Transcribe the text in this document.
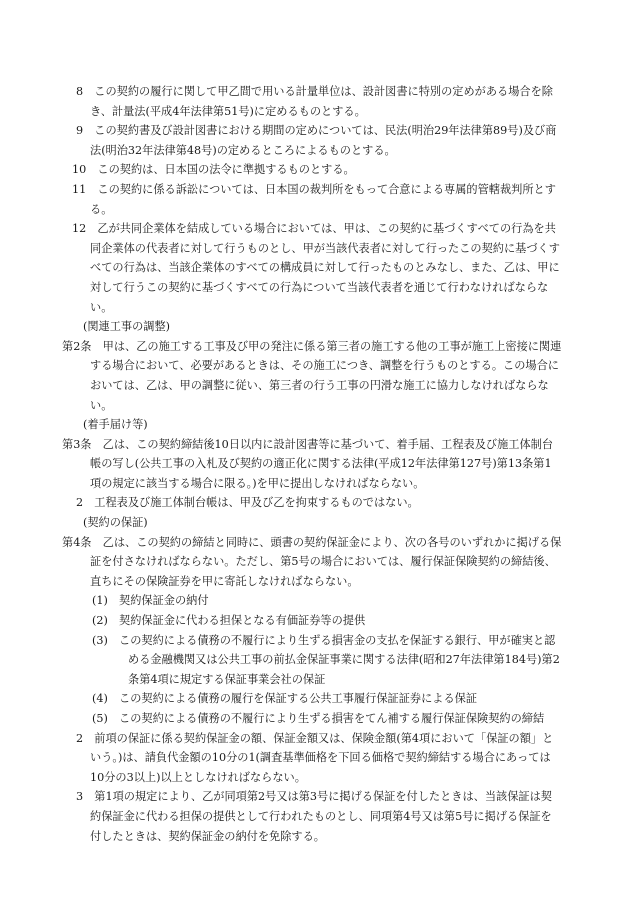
8　この契約の履行に関して甲乙間で用いる計量単位は、設計図書に特別の定めがある場合を除き、計量法(平成4年法律第51号)に定めるものとする。

9　この契約書及び設計図書における期間の定めについては、民法(明治29年法律第89号)及び商法(明治32年法律第48号)の定めるところによるものとする。

10　この契約は、日本国の法令に準拠するものとする。

11　この契約に係る訴訟については、日本国の裁判所をもって合意による専属的管轄裁判所とする。

12　乙が共同企業体を結成している場合においては、甲は、この契約に基づくすべての行為を共同企業体の代表者に対して行うものとし、甲が当該代表者に対して行ったこの契約に基づくすべての行為は、当該企業体のすべての構成員に対して行ったものとみなし、また、乙は、甲に対して行うこの契約に基づくすべての行為について当該代表者を通じて行わなければならない。

(関連工事の調整)

第2条　甲は、乙の施工する工事及び甲の発注に係る第三者の施工する他の工事が施工上密接に関連する場合において、必要があるときは、その施工につき、調整を行うものとする。この場合においては、乙は、甲の調整に従い、第三者の行う工事の円滑な施工に協力しなければならない。

(着手届け等)

第3条　乙は、この契約締結後10日以内に設計図書等に基づいて、着手届、工程表及び施工体制台帳の写し(公共工事の入札及び契約の適正化に関する法律(平成12年法律第127号)第13条第1項の規定に該当する場合に限る。)を甲に提出しなければならない。

2　工程表及び施工体制台帳は、甲及び乙を拘束するものではない。

(契約の保証)

第4条　乙は、この契約の締結と同時に、頭書の契約保証金により、次の各号のいずれかに掲げる保証を付さなければならない。ただし、第5号の場合においては、履行保証保険契約の締結後、直ちにその保険証券を甲に寄託しなければならない。

(1)　契約保証金の納付

(2)　契約保証金に代わる担保となる有価証券等の提供

(3)　この契約による債務の不履行により生ずる損害金の支払を保証する銀行、甲が確実と認める金融機関又は公共工事の前払金保証事業に関する法律(昭和27年法律第184号)第2条第4項に規定する保証事業会社の保証

(4)　この契約による債務の履行を保証する公共工事履行保証証券による保証

(5)　この契約による債務の不履行により生ずる損害をてん補する履行保証保険契約の締結

2　前項の保証に係る契約保証金の額、保証金額又は、保険金額(第4項において「保証の額」という。)は、請負代金額の10分の1(調査基準価格を下回る価格で契約締結する場合にあっては10分の3以上)以上としなければならない。

3　第1項の規定により、乙が同項第2号又は第3号に掲げる保証を付したときは、当該保証は契約保証金に代わる担保の提供として行われたものとし、同項第4号又は第5号に掲げる保証を付したときは、契約保証金の納付を免除する。
